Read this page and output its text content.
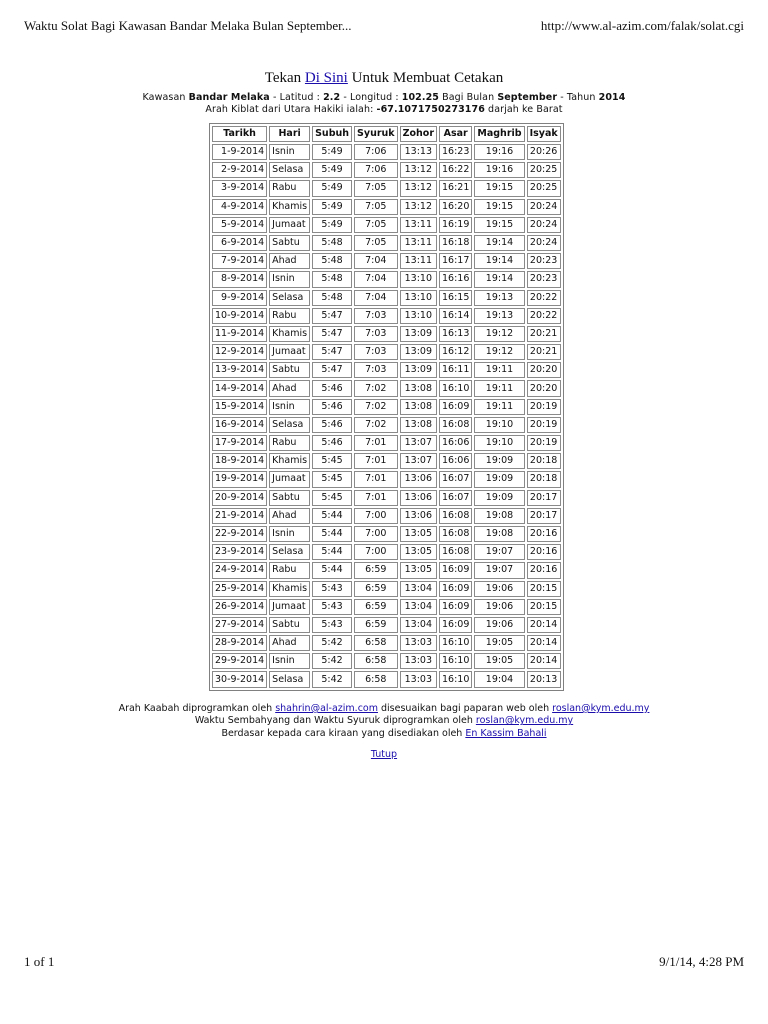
Waktu Solat Bagi Kawasan Bandar Melaka Bulan September...	http://www.al-azim.com/falak/solat.cgi
Tekan Di Sini Untuk Membuat Cetakan
Kawasan Bandar Melaka - Latitud : 2.2 - Longitud : 102.25 Bagi Bulan September - Tahun 2014
Arah Kiblat dari Utara Hakiki ialah: -67.1071750273176 darjah ke Barat
Tarikh	Hari	Subuh	Syuruk	Zohor	Asar	Maghrib	Isyak
1-9-2014	Isnin	5:49	7:06	13:13	16:23	19:16	20:26
2-9-2014	Selasa	5:49	7:06	13:12	16:22	19:16	20:25
3-9-2014	Rabu	5:49	7:05	13:12	16:21	19:15	20:25
4-9-2014	Khamis	5:49	7:05	13:12	16:20	19:15	20:24
5-9-2014	Jumaat	5:49	7:05	13:11	16:19	19:15	20:24
6-9-2014	Sabtu	5:48	7:05	13:11	16:18	19:14	20:24
7-9-2014	Ahad	5:48	7:04	13:11	16:17	19:14	20:23
8-9-2014	Isnin	5:48	7:04	13:10	16:16	19:14	20:23
9-9-2014	Selasa	5:48	7:04	13:10	16:15	19:13	20:22
10-9-2014	Rabu	5:47	7:03	13:10	16:14	19:13	20:22
11-9-2014	Khamis	5:47	7:03	13:09	16:13	19:12	20:21
12-9-2014	Jumaat	5:47	7:03	13:09	16:12	19:12	20:21
13-9-2014	Sabtu	5:47	7:03	13:09	16:11	19:11	20:20
14-9-2014	Ahad	5:46	7:02	13:08	16:10	19:11	20:20
15-9-2014	Isnin	5:46	7:02	13:08	16:09	19:11	20:19
16-9-2014	Selasa	5:46	7:02	13:08	16:08	19:10	20:19
17-9-2014	Rabu	5:46	7:01	13:07	16:06	19:10	20:19
18-9-2014	Khamis	5:45	7:01	13:07	16:06	19:09	20:18
19-9-2014	Jumaat	5:45	7:01	13:06	16:07	19:09	20:18
20-9-2014	Sabtu	5:45	7:01	13:06	16:07	19:09	20:17
21-9-2014	Ahad	5:44	7:00	13:06	16:08	19:08	20:17
22-9-2014	Isnin	5:44	7:00	13:05	16:08	19:08	20:16
23-9-2014	Selasa	5:44	7:00	13:05	16:08	19:07	20:16
24-9-2014	Rabu	5:44	6:59	13:05	16:09	19:07	20:16
25-9-2014	Khamis	5:43	6:59	13:04	16:09	19:06	20:15
26-9-2014	Jumaat	5:43	6:59	13:04	16:09	19:06	20:15
27-9-2014	Sabtu	5:43	6:59	13:04	16:09	19:06	20:14
28-9-2014	Ahad	5:42	6:58	13:03	16:10	19:05	20:14
29-9-2014	Isnin	5:42	6:58	13:03	16:10	19:05	20:14
30-9-2014	Selasa	5:42	6:58	13:03	16:10	19:04	20:13
Arah Kaabah diprogramkan oleh shahrin@al-azim.com disesuaikan bagi paparan web oleh roslan@kym.edu.my
Waktu Sembahyang dan Waktu Syuruk diprogramkan oleh roslan@kym.edu.my
Berdasar kepada cara kiraan yang disediakan oleh En Kassim Bahali
Tutup
1 of 1	9/1/14, 4:28 PM
